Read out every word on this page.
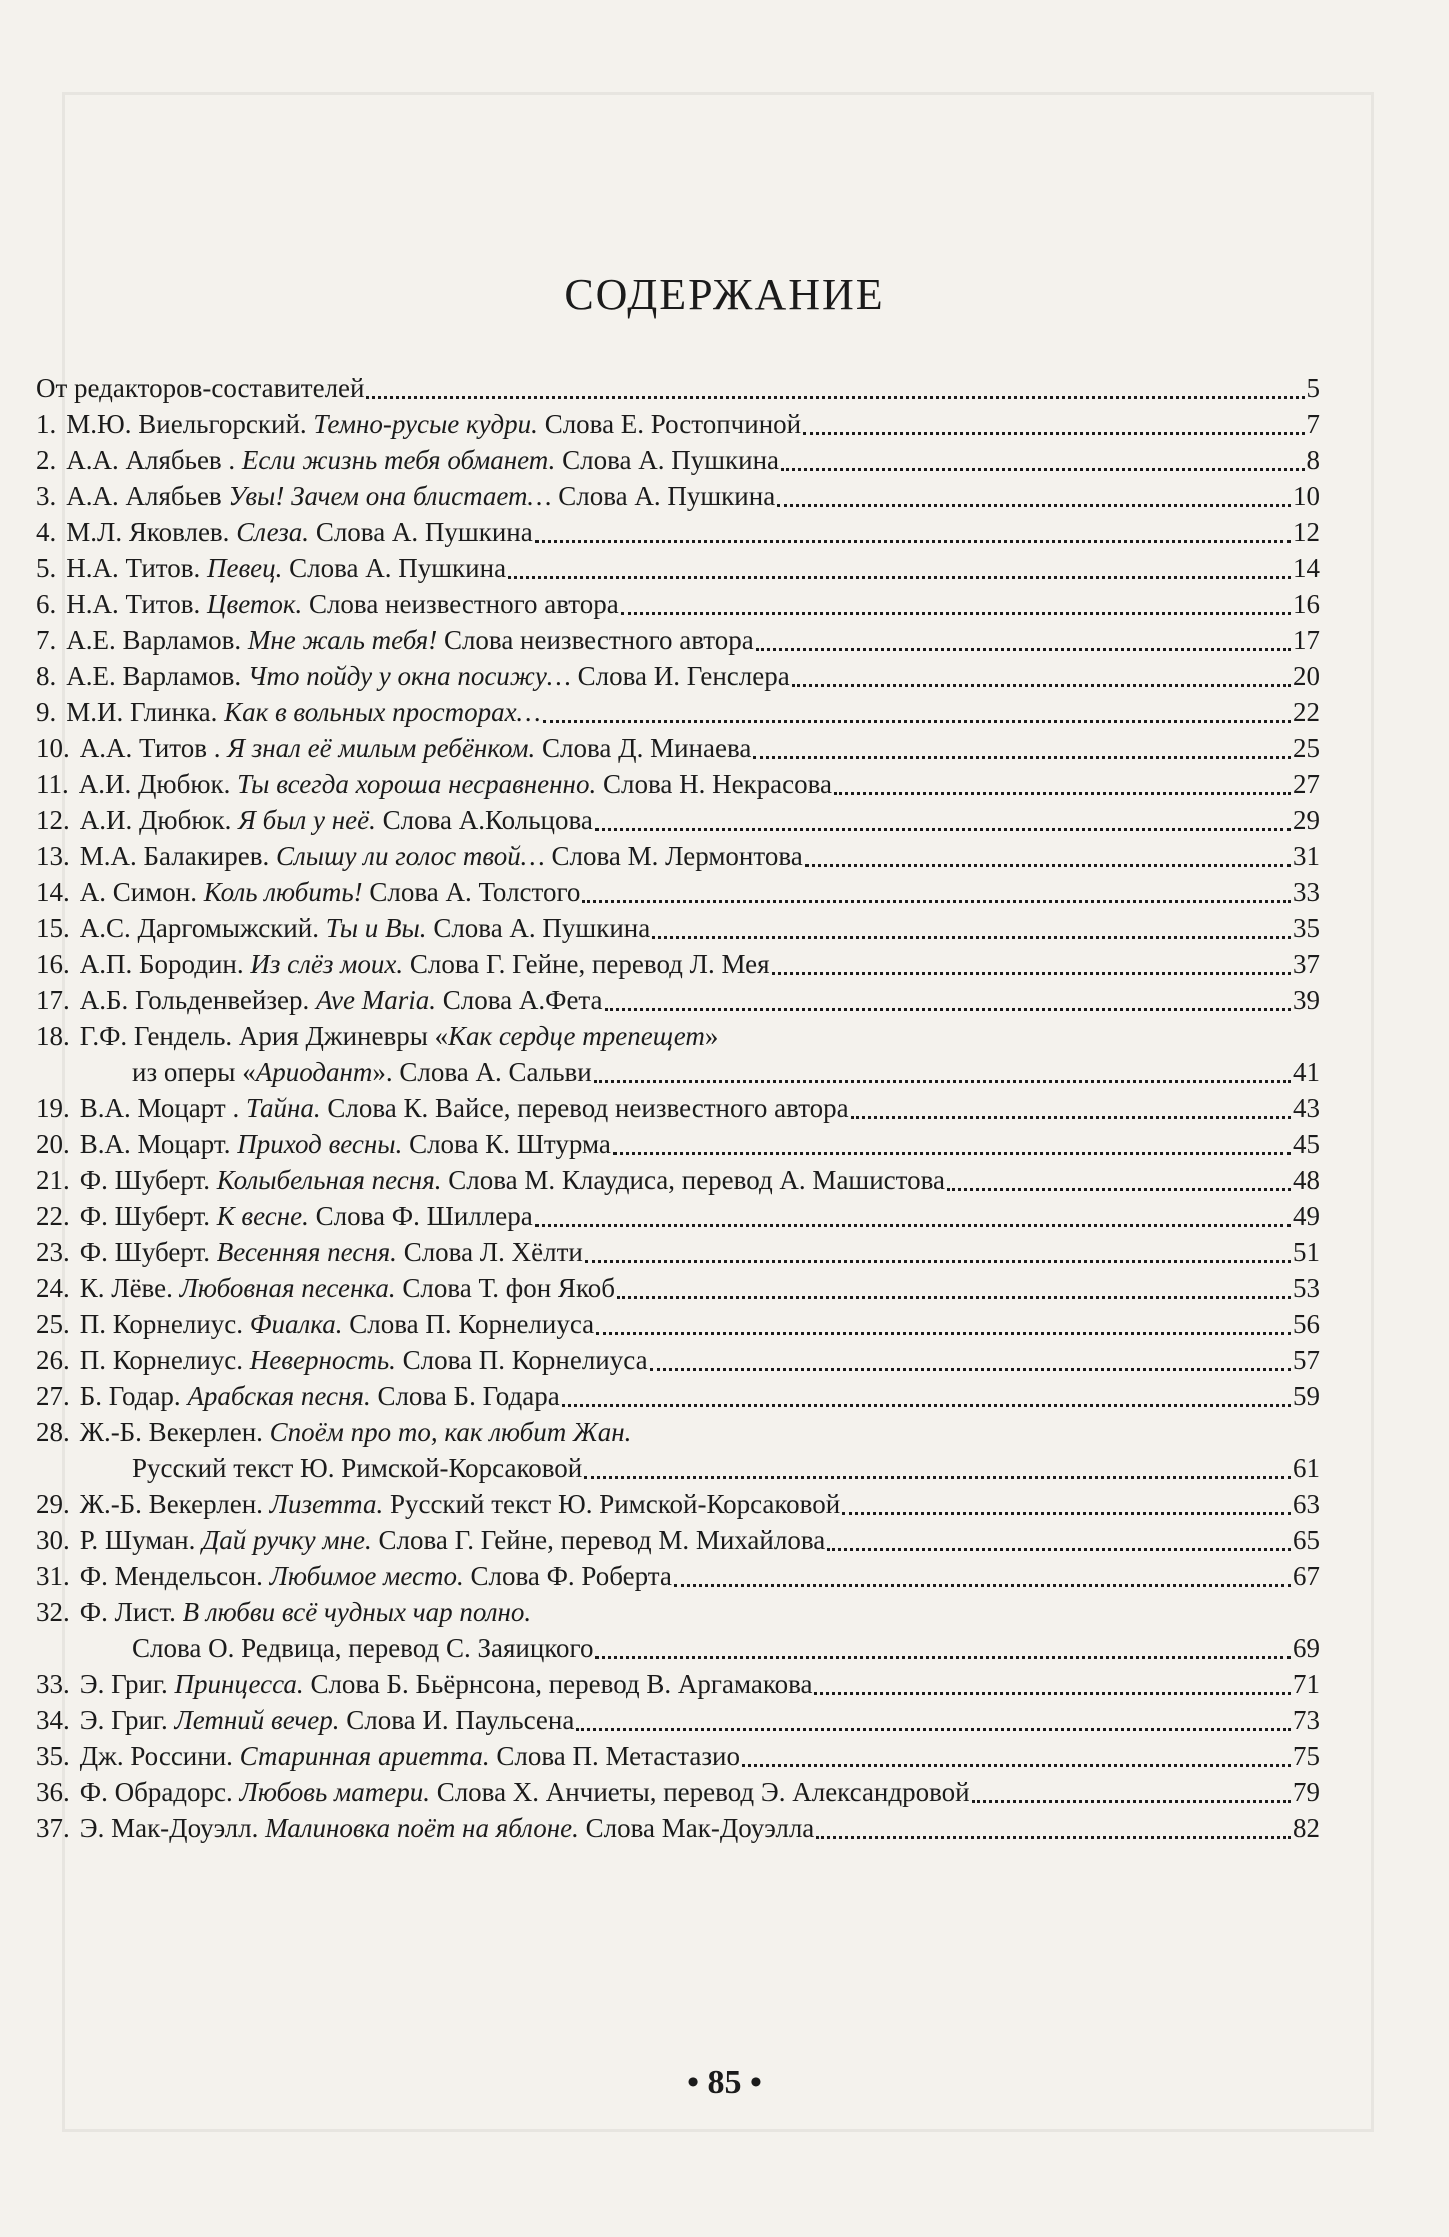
СОДЕРЖАНИЕ
От редакторов-составителей	5
1. М.Ю. Виельгорский. Темно-русые кудри. Слова Е. Ростопчиной	7
2. А.А. Алябьев . Если жизнь тебя обманет. Слова А. Пушкина	8
3. А.А. Алябьев Увы! Зачем она блистает… Слова А. Пушкина	10
4. М.Л. Яковлев. Слеза. Слова А. Пушкина	12
5. Н.А. Титов. Певец. Слова А. Пушкина	14
6. Н.А. Титов. Цветок. Слова неизвестного автора	16
7. А.Е. Варламов. Мне жаль тебя! Слова неизвестного автора	17
8. А.Е. Варламов. Что пойду у окна посижу… Слова И. Генслера	20
9. М.И. Глинка. Как в вольных просторах…	22
10. А.А. Титов . Я знал её милым ребёнком. Слова Д. Минаева	25
11. А.И. Дюбюк. Ты всегда хороша несравненно. Слова Н. Некрасова	27
12. А.И. Дюбюк. Я был у неё. Слова А.Кольцова	29
13. М.А. Балакирев. Слышу ли голос твой… Слова М. Лермонтова	31
14. А. Симон. Коль любить! Слова А. Толстого	33
15. А.С. Даргомыжский. Ты и Вы. Слова А. Пушкина	35
16. А.П. Бородин. Из слёз моих. Слова Г. Гейне, перевод Л. Мея	37
17. А.Б. Гольденвейзер. Ave Maria. Слова А.Фета	39
18. Г.Ф. Гендель. Ария Джиневры «Как сердце трепещет»
из оперы «Ариодант». Слова А. Сальви	41
19. В.А. Моцарт . Тайна. Слова К. Вайсе, перевод неизвестного автора	43
20. В.А. Моцарт. Приход весны. Слова К. Штурма	45
21. Ф. Шуберт. Колыбельная песня. Слова М. Клаудиса, перевод А. Машистова	48
22. Ф. Шуберт. К весне. Слова Ф. Шиллера	49
23. Ф. Шуберт. Весенняя песня. Слова Л. Хёлти	51
24. К. Лёве. Любовная песенка. Слова Т. фон Якоб	53
25. П. Корнелиус. Фиалка. Слова П. Корнелиуса	56
26. П. Корнелиус. Неверность. Слова П. Корнелиуса	57
27. Б. Годар. Арабская песня. Слова Б. Годара	59
28. Ж.-Б. Векерлен. Споём про то, как любит Жан.
Русский текст Ю. Римской-Корсаковой	61
29. Ж.-Б. Векерлен. Лизетта. Русский текст Ю. Римской-Корсаковой	63
30. Р. Шуман. Дай ручку мне. Слова Г. Гейне, перевод М. Михайлова	65
31. Ф. Мендельсон. Любимое место. Слова Ф. Роберта	67
32. Ф. Лист. В любви всё чудных чар полно.
Слова О. Редвица, перевод С. Заяицкого	69
33. Э. Григ. Принцесса. Слова Б. Бьёрнсона, перевод В. Аргамакова	71
34. Э. Григ. Летний вечер. Слова И. Паульсена	73
35. Дж. Россини. Старинная ариетта. Слова П. Метастазио	75
36. Ф. Обрадорс. Любовь матери. Слова Х. Анчиеты, перевод Э. Александровой	79
37. Э. Мак-Доуэлл. Малиновка поёт на яблоне. Слова Мак-Доуэлла	82
• 85 •
